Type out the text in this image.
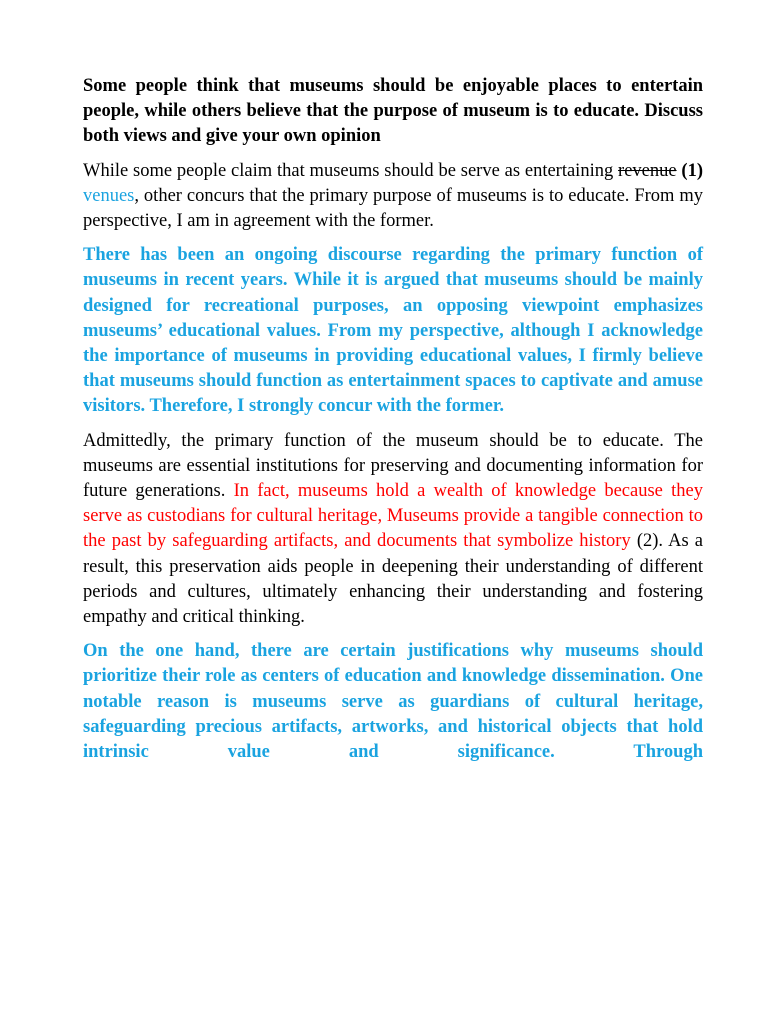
Some people think that museums should be enjoyable places to entertain people, while others believe that the purpose of museum is to educate. Discuss both views and give your own opinion

While some people claim that museums should be serve as entertaining revenue (1) venues, other concurs that the primary purpose of museums is to educate. From my perspective, I am in agreement with the former.

There has been an ongoing discourse regarding the primary function of museums in recent years. While it is argued that museums should be mainly designed for recreational purposes, an opposing viewpoint emphasizes museums’ educational values. From my perspective, although I acknowledge the importance of museums in providing educational values, I firmly believe that museums should function as entertainment spaces to captivate and amuse visitors. Therefore, I strongly concur with the former.

Admittedly, the primary function of the museum should be to educate. The museums are essential institutions for preserving and documenting information for future generations. In fact, museums hold a wealth of knowledge because they serve as custodians for cultural heritage, Museums provide a tangible connection to the past by safeguarding artifacts, and documents that symbolize history (2). As a result, this preservation aids people in deepening their understanding of different periods and cultures, ultimately enhancing their understanding and fostering empathy and critical thinking.

On the one hand, there are certain justifications why museums should prioritize their role as centers of education and knowledge dissemination. One notable reason is museums serve as guardians of cultural heritage, safeguarding precious artifacts, artworks, and historical objects that hold intrinsic value and significance. Through
